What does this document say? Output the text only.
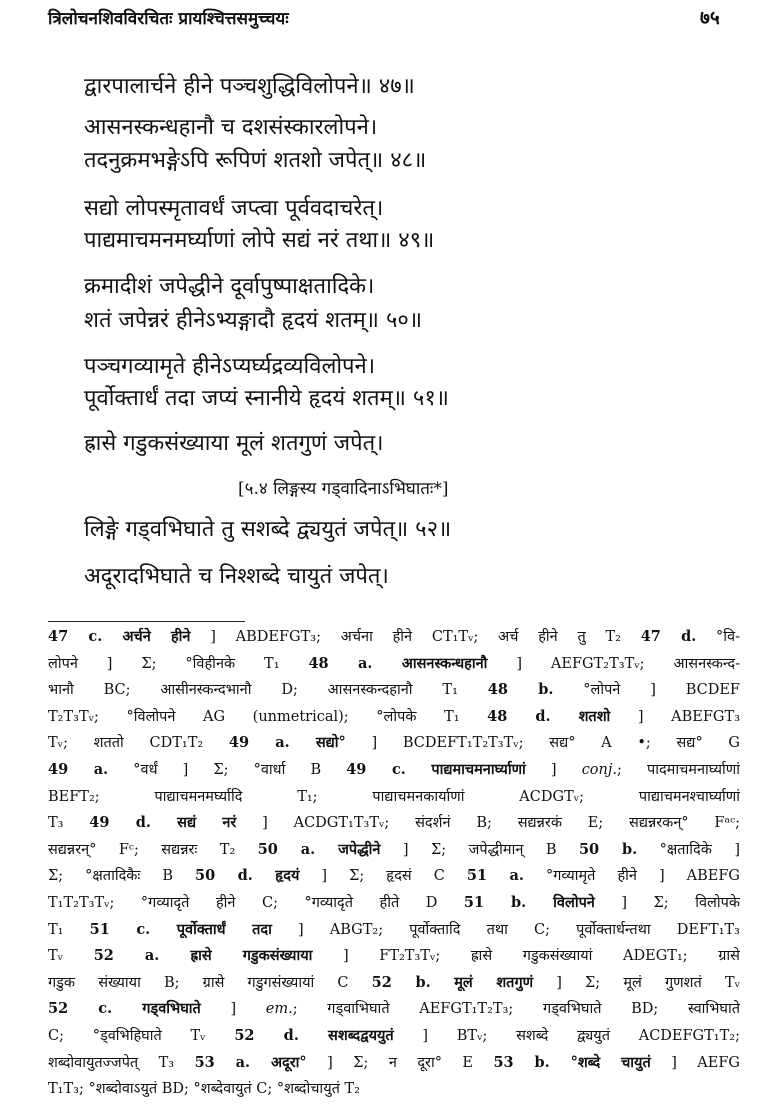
त्रिलोचनशिवविरचितः प्रायश्चित्तसमुच्चयः	७५
द्वारपालार्चने हीने पञ्चशुद्धिविलोपने॥ ४७॥
आसनस्कन्धहानौ च दशसंस्कारलोपने।
तदनुक्रमभङ्गेऽपि रूपिणं शतशो जपेत्॥ ४८॥
सद्यो लोपस्मृतावर्धं जप्त्वा पूर्ववदाचरेत्।
पाद्यमाचमनमर्घ्याणां लोपे सद्यं नरं तथा॥ ४९॥
क्रमादीशं जपेद्धीने दूर्वापुष्पाक्षतादिके।
शतं जपेन्नरं हीनेऽभ्यङ्गादौ हृदयं शतम्॥ ५०॥
पञ्चगव्यामृते हीनेऽप्यर्घ्यद्रव्यविलोपने।
पूर्वोक्तार्धं तदा जप्यं स्नानीये हृदयं शतम्॥ ५१॥
ह्रासे गडुकसंख्याया मूलं शतगुणं जपेत्।
लिङ्गे गड्वभिघाते तु सशब्दे द्व्ययुतं जपेत्॥ ५२॥
अदूरादभिघाते च निश्शब्दे चायुतं जपेत्।
[५.४ लिङ्गस्य गड्वादिनाऽभिघातः*]
47 c. अर्चने हीने ] ABDEFGT₃; अर्चना हीने CT₁Tᵥ; अर्च हीने तु T₂ 47 d. °वि-
लोपने ] Σ; °विहीनके T₁ 48 a. आसनस्कन्धहानौ ] AEFGT₂T₃Tᵥ; आसनस्कन्द-
भानौ BC; आसीनस्कन्दभानौ D; आसनस्कन्दहानौ T₁ 48 b. °लोपने ] BCDEF
T₂T₃Tᵥ; °विलोपने AG (unmetrical); °लोपके T₁ 48 d. शतशो ] ABEFGT₃
Tᵥ; शततो CDT₁T₂ 49 a. सद्यो° ] BCDEFT₁T₂T₃Tᵥ; सद्य° A •; सद्य° G
49 a. °वर्धं ] Σ; °वार्धा B 49 c. पाद्यमाचमनार्घ्याणां ] conj.; पादमाचमनार्घ्याणां
BEFT₂; पाद्याचमनमर्घ्यादि T₁; पाद्याचमनकार्याणां ACDGTᵥ; पाद्याचमनश्चार्घ्याणां
T₃ 49 d. सद्यं नरं ] ACDGT₁T₃Tᵥ; संदर्शनं B; सद्यन्नरकं E; सद्यन्नरकन्° Fᵃᶜ;
सद्यन्नरन्° Fᶜ; सद्यन्नरः T₂ 50 a. जपेद्धीने ] Σ; जपेद्धीमान् B 50 b. °क्षतादिके ]
Σ; °क्षतादिकैः B 50 d. हृदयं ] Σ; हृदसं C 51 a. °गव्यामृते हीने ] ABEFG
T₁T₂T₃Tᵥ; °गव्यादृते हीने C; °गव्यादृते हीते D 51 b. विलोपने ] Σ; विलोपके
T₁ 51 c. पूर्वोक्तार्धं तदा ] ABGT₂; पूर्वोक्तादि तथा C; पूर्वोक्तार्धन्तथा DEFT₁T₃
Tᵥ 52 a. ह्रासे गडुकसंख्याया ] FT₂T₃Tᵥ; ह्रासे गडुकसंख्यायां ADEGT₁; ग्रासे
गडुक संख्याया B; ग्रासे गडुगसंख्यायां C 52 b. मूलं शतगुणं ] Σ; मूलं गुणशतं Tᵥ
52 c. गड्वभिघाते ] em.; गड्वाभिघाते AEFGT₁T₂T₃; गड्वभिघाते BD; स्वाभिघाते
C; °ड्वभिहिघाते Tᵥ 52 d. सशब्दद्वययुतं ] BTᵥ; सशब्दे द्व्ययुतं ACDEFGT₁T₂;
शब्दोवायुतज्जपेत् T₃ 53 a. अदूरा° ] Σ; न दूरा° E 53 b. °शब्दे चायुतं ] AEFG
T₁T₃; °शब्दोवाऽयुतं BD; °शब्देवायुतं C; °शब्दोचायुतं T₂
